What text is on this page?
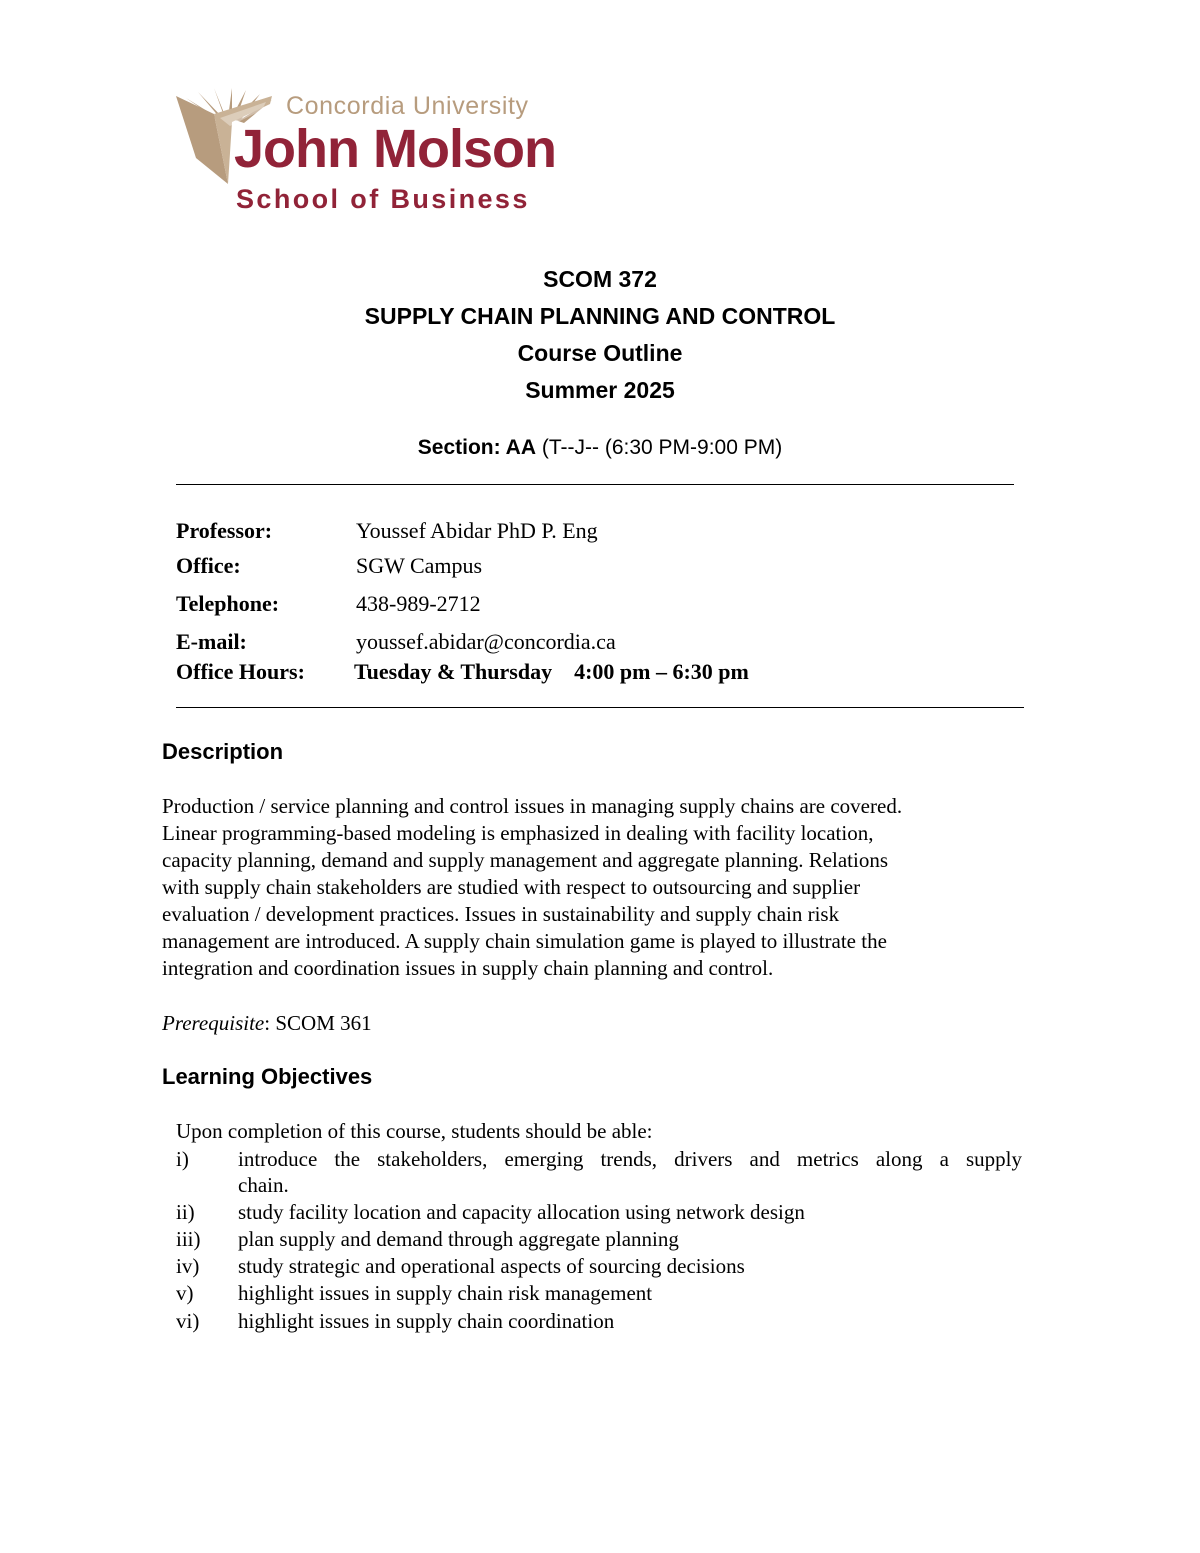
Concordia University
John Molson
School of Business
SCOM 372
SUPPLY CHAIN PLANNING AND CONTROL
Course Outline
Summer 2025
Section: AA (T--J-- (6:30 PM-9:00 PM)
Professor:	Youssef Abidar PhD P. Eng
Office:	SGW Campus
Telephone:	438-989-2712
E-mail:	youssef.abidar@concordia.ca
Office Hours: Tuesday & Thursday    4:00 pm – 6:30 pm
Description
Production / service planning and control issues in managing supply chains are covered.
Linear programming-based modeling is emphasized in dealing with facility location,
capacity planning, demand and supply management and aggregate planning. Relations
with supply chain stakeholders are studied with respect to outsourcing and supplier
evaluation / development practices. Issues in sustainability and supply chain risk
management are introduced. A supply chain simulation game is played to illustrate the
integration and coordination issues in supply chain planning and control.
Prerequisite: SCOM 361
Learning Objectives
Upon completion of this course, students should be able:
i) introduce the stakeholders, emerging trends, drivers and metrics along a supply
chain.
ii) study facility location and capacity allocation using network design
iii) plan supply and demand through aggregate planning
iv) study strategic and operational aspects of sourcing decisions
v) highlight issues in supply chain risk management
vi) highlight issues in supply chain coordination
